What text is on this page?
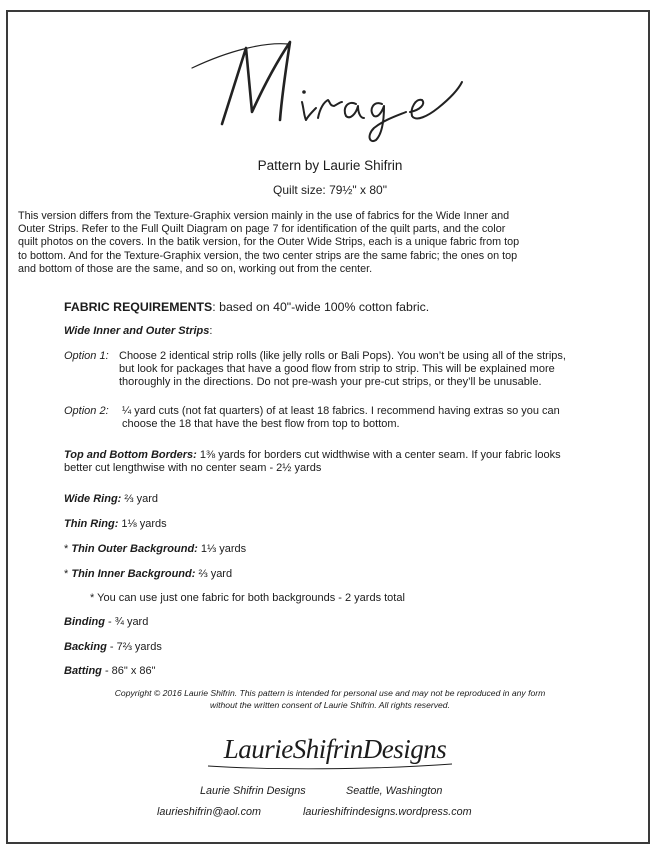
Mirage
Pattern by Laurie Shifrin
Quilt size: 79½" x 80"
This version differs from the Texture-Graphix version mainly in the use of fabrics for the Wide Inner and
Outer Strips. Refer to the Full Quilt Diagram on page 7 for identification of the quilt parts, and the color
quilt photos on the covers. In the batik version, for the Outer Wide Strips, each is a unique fabric from top
to bottom. And for the Texture-Graphix version, the two center strips are the same fabric; the ones on top
and bottom of those are the same, and so on, working out from the center.
FABRIC REQUIREMENTS: based on 40"-wide 100% cotton fabric.
Wide Inner and Outer Strips:
Option 1: Choose 2 identical strip rolls (like jelly rolls or Bali Pops). You won’t be using all of the strips,
but look for packages that have a good flow from strip to strip. This will be explained more
thoroughly in the directions. Do not pre-wash your pre-cut strips, or they’ll be unusable.
Option 2: ¼ yard cuts (not fat quarters) of at least 18 fabrics. I recommend having extras so you can
choose the 18 that have the best flow from top to bottom.
Top and Bottom Borders: 1⅜ yards for borders cut widthwise with a center seam. If your fabric looks
better cut lengthwise with no center seam - 2½ yards
Wide Ring: ⅔ yard
Thin Ring: 1⅛ yards
* Thin Outer Background: 1⅓ yards
* Thin Inner Background: ⅔ yard
* You can use just one fabric for both backgrounds - 2 yards total
Binding - ¾ yard
Backing - 7⅔ yards
Batting - 86" x 86"
Copyright © 2016 Laurie Shifrin. This pattern is intended for personal use and may not be reproduced in any form
without the written consent of Laurie Shifrin. All rights reserved.
LaurieShifrinDesigns
Laurie Shifrin Designs	Seattle, Washington
laurieshifrin@aol.com	laurieshifrindesigns.wordpress.com
